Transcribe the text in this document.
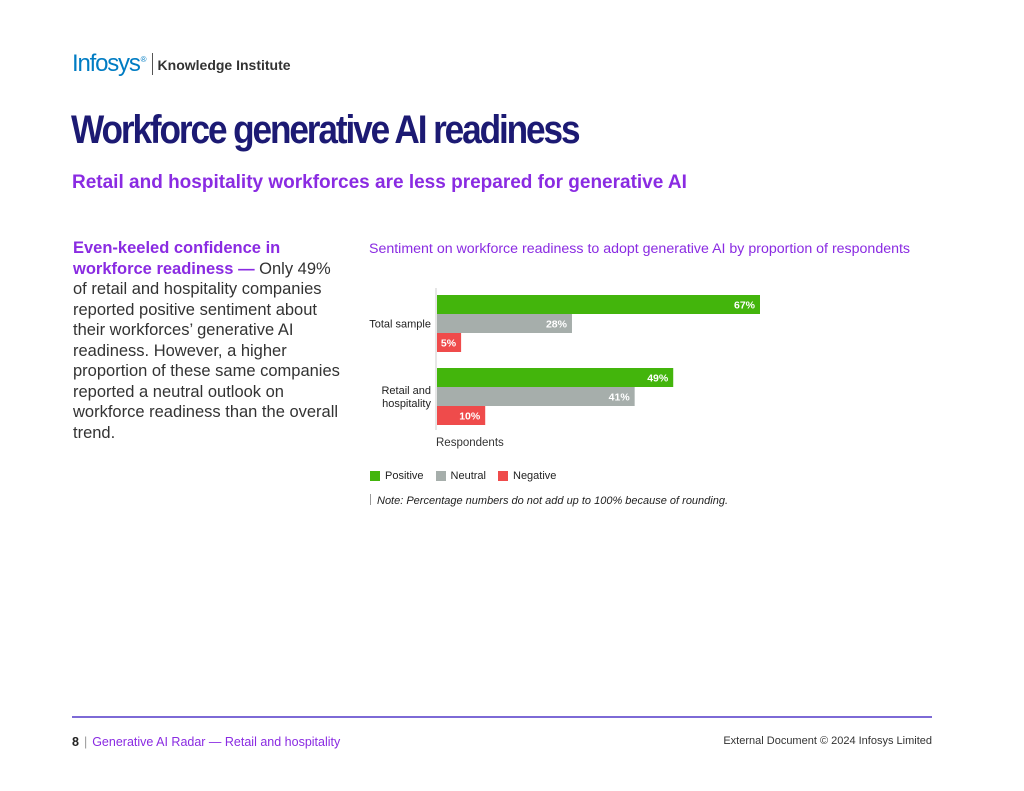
Infosys ® Knowledge Institute
Workforce generative AI readiness
Retail and hospitality workforces are less prepared for generative AI
Even-keeled confidence in workforce readiness — Only 49% of retail and hospitality companies reported positive sentiment about their workforces’ generative AI readiness. However, a higher proportion of these same companies reported a neutral outlook on workforce readiness than the overall trend.
Sentiment on workforce readiness to adopt generative AI by proportion of respondents
67%
28%
5%
Total sample
49%
41%
10%
Retail and hospitality
Respondents
Positive Neutral Negative
Note: Percentage numbers do not add up to 100% because of rounding.
8 | Generative AI Radar — Retail and hospitality	External Document © 2024 Infosys Limited
